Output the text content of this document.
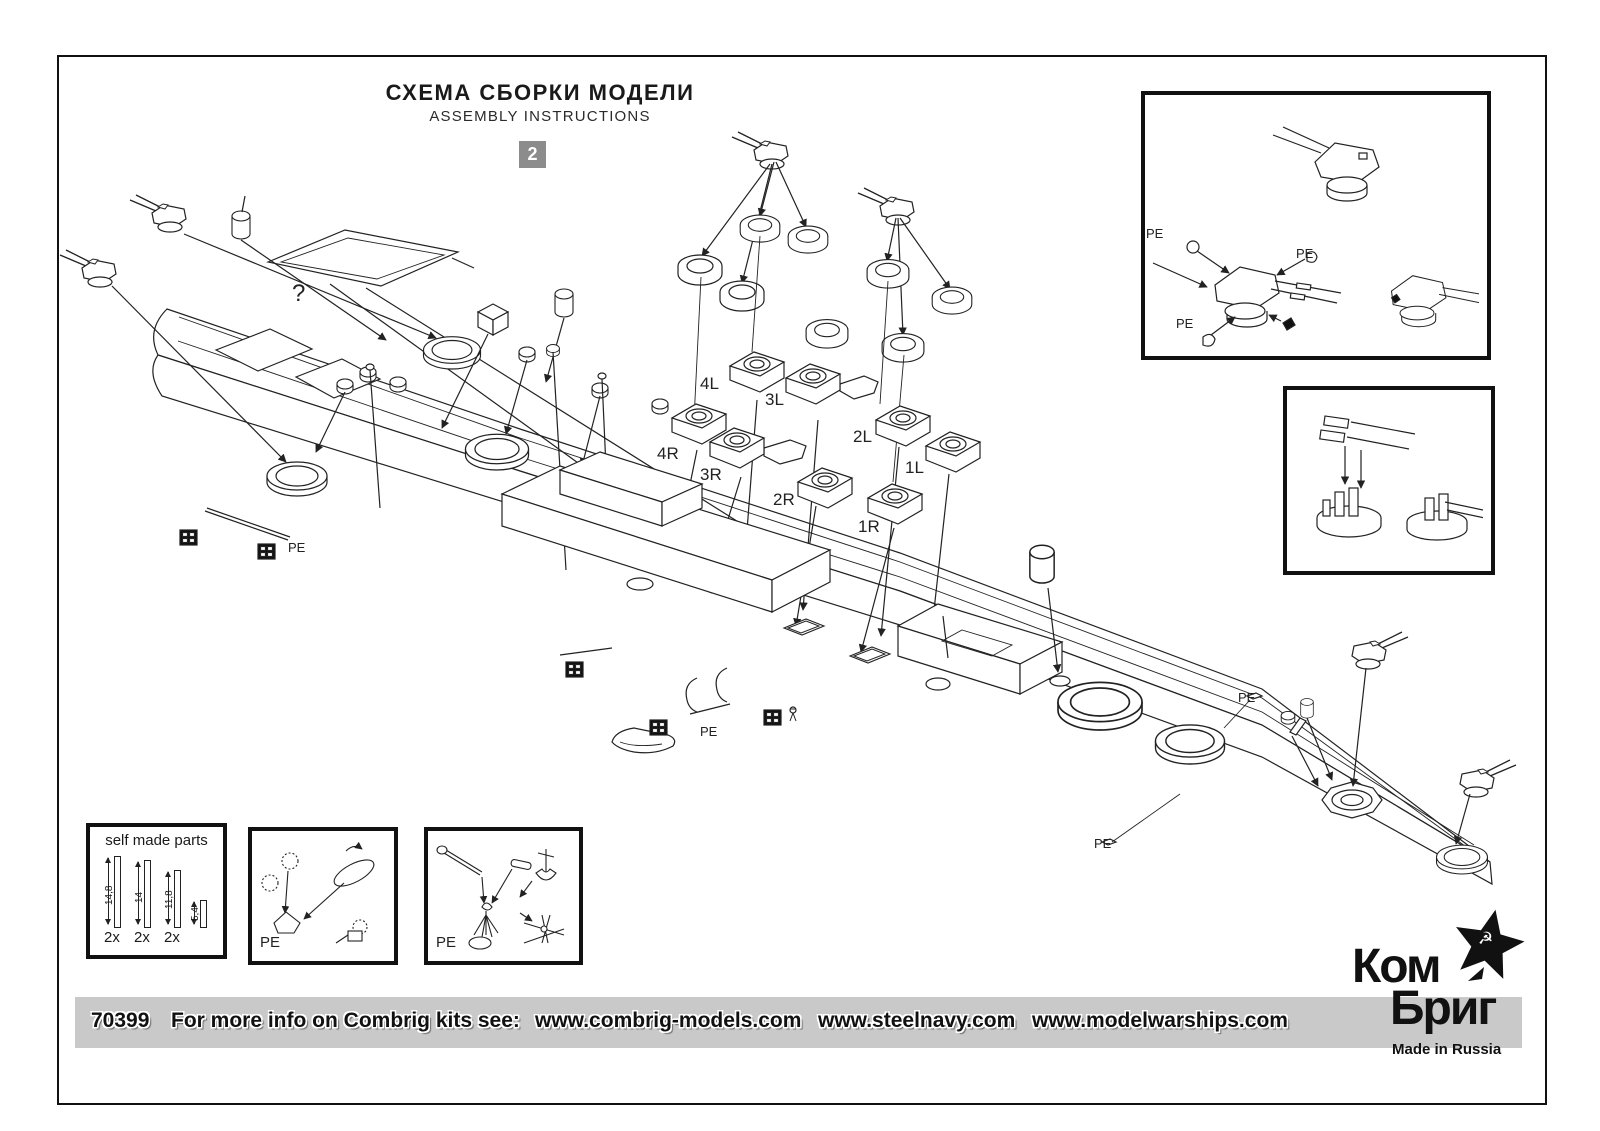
СХЕМА СБОРКИ МОДЕЛИ
ASSEMBLY INSTRUCTIONS
2
?
4L
3L
2L
1L
4R
3R
2R
1R
PE
PE
PE
PE
PE
PE
PE
self made parts
14,8 14 11,8
5,4
2x 2x 2x	PE	PE
70399 For more info on Combrig kits see: www.combrig-models.com www.steelnavy.com www.modelwarships.com
Ком
Бриг
☭
Made in Russia
